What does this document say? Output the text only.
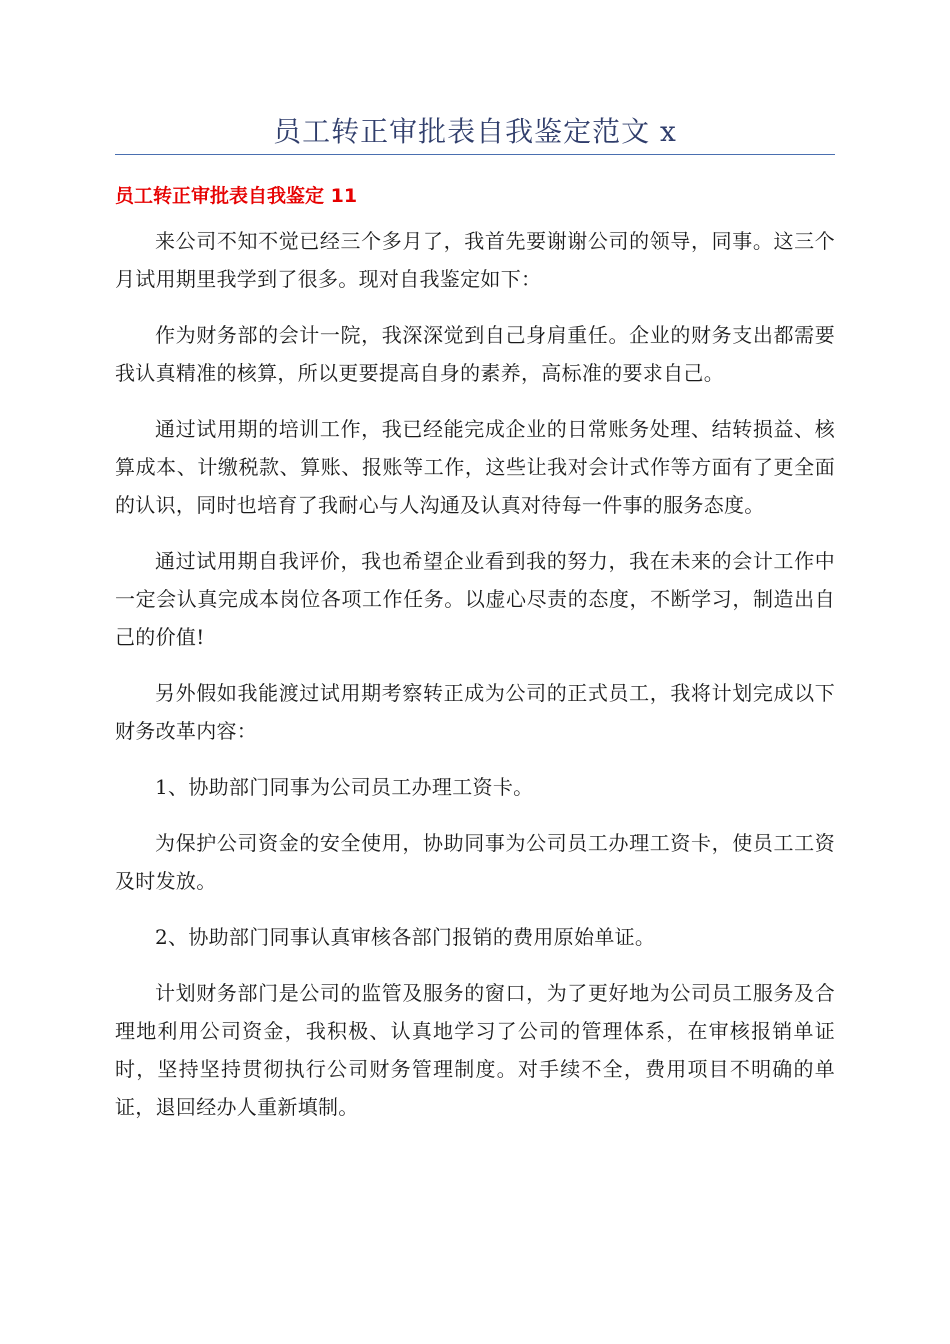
员工转正审批表自我鉴定范文 x
员工转正审批表自我鉴定 11

来公司不知不觉已经三个多月了，我首先要谢谢公司的领导，同事。这三个月试用期里我学到了很多。现对自我鉴定如下：

作为财务部的会计一院，我深深觉到自己身肩重任。企业的财务支出都需要我认真精准的核算，所以更要提高自身的素养，高标准的要求自己。

通过试用期的培训工作，我已经能完成企业的日常账务处理、结转损益、核算成本、计缴税款、算账、报账等工作，这些让我对会计式作等方面有了更全面的认识，同时也培育了我耐心与人沟通及认真对待每一件事的服务态度。

通过试用期自我评价，我也希望企业看到我的努力，我在未来的会计工作中一定会认真完成本岗位各项工作任务。以虚心尽责的态度，不断学习，制造出自己的价值!

另外假如我能渡过试用期考察转正成为公司的正式员工，我将计划完成以下财务改革内容：

1、协助部门同事为公司员工办理工资卡。

为保护公司资金的安全使用，协助同事为公司员工办理工资卡，使员工工资及时发放。

2、协助部门同事认真审核各部门报销的费用原始单证。

计划财务部门是公司的监管及服务的窗口，为了更好地为公司员工服务及合理地利用公司资金，我积极、认真地学习了公司的管理体系，在审核报销单证时，坚持坚持贯彻执行公司财务管理制度。对手续不全，费用项目不明确的单证，退回经办人重新填制。
